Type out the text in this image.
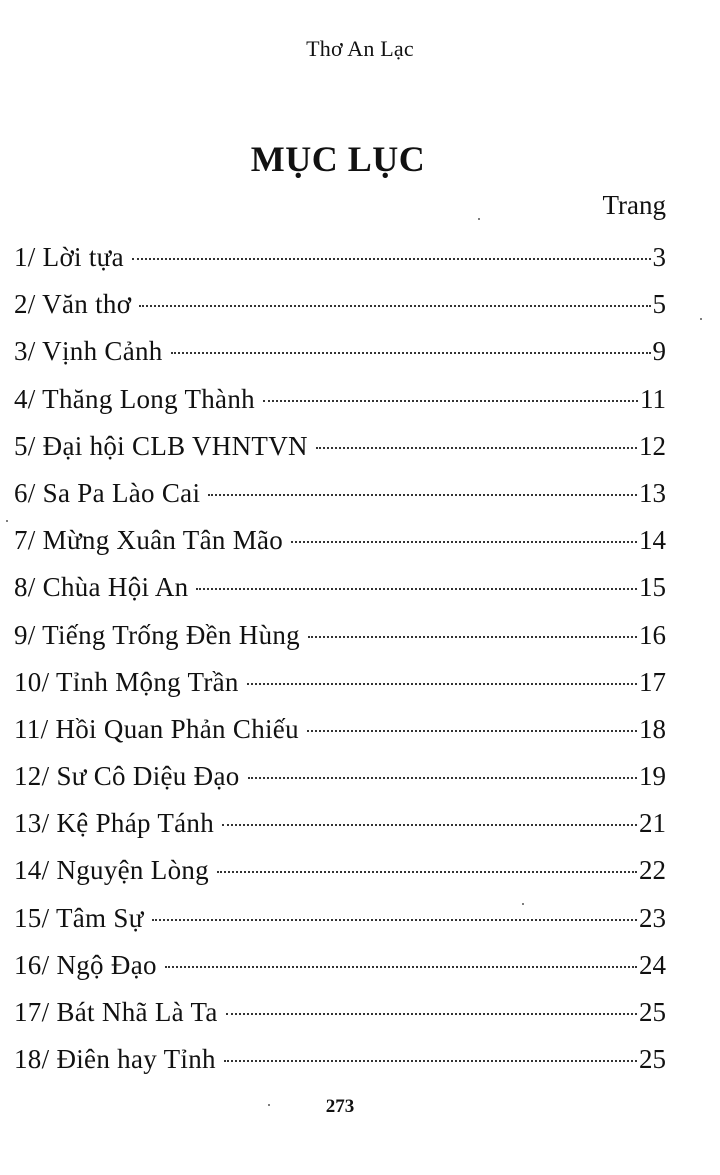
Thơ An Lạc
MỤC LỤC
Trang
1/ Lời tựa	3
2/ Văn thơ	5
3/ Vịnh Cảnh	9
4/ Thăng Long Thành	11
5/ Đại hội CLB VHNTVN	12
6/ Sa Pa Lào Cai	13
7/ Mừng Xuân Tân Mão	14
8/ Chùa Hội An	15
9/ Tiếng Trống Đền Hùng	16
10/ Tỉnh Mộng Trần	17
11/ Hồi Quan Phản Chiếu	18
12/ Sư Cô Diệu Đạo	19
13/ Kệ Pháp Tánh	21
14/ Nguyện Lòng	22
15/ Tâm Sự	23
16/ Ngộ Đạo	24
17/ Bát Nhã Là Ta	25
18/ Điên hay Tỉnh	25
273
